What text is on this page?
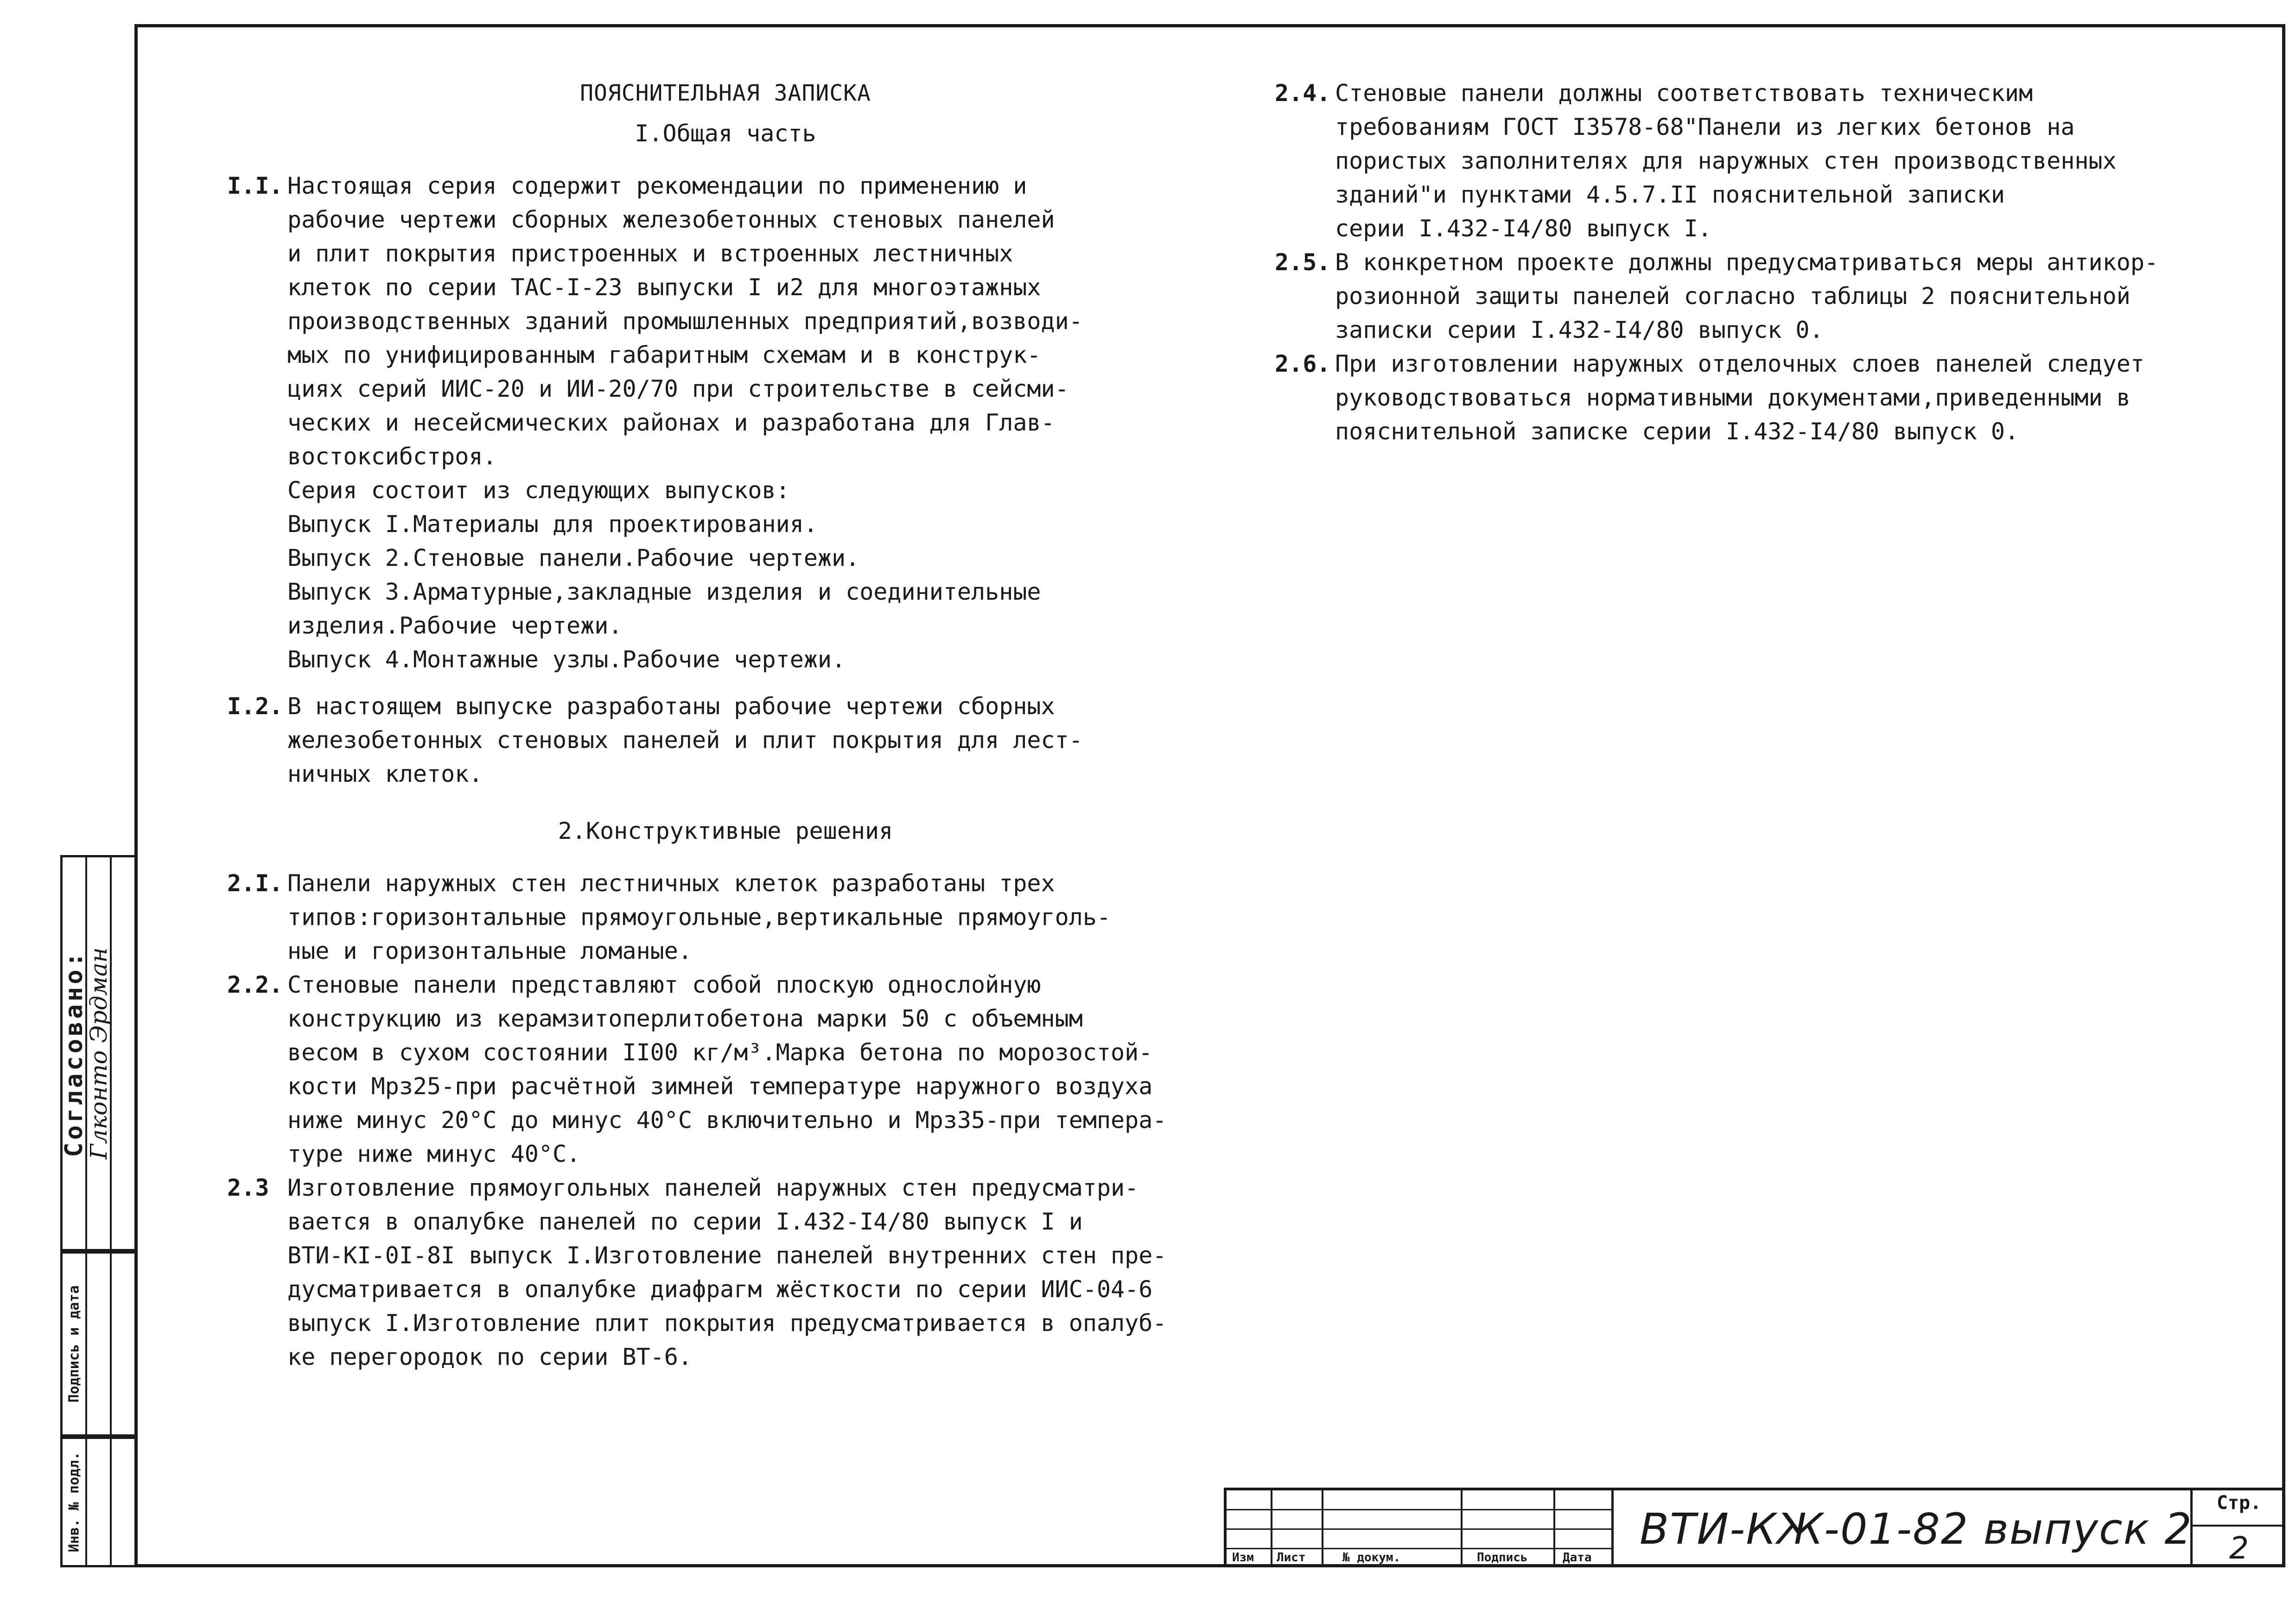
Согласовано:
Глконто Эрдман
Подпись и дата
Инв. № подл.

ПОЯСНИТЕЛЬНАЯ ЗАПИСКА

I.Общая часть

I.I. Настоящая серия содержит рекомендации по применению и
рабочие чертежи сборных железобетонных стеновых панелей
и плит покрытия пристроенных и встроенных лестничных
клеток по серии ТАС-I-23 выпуски I и2 для многоэтажных
производственных зданий промышленных предприятий,возводи-
мых по унифицированным габаритным схемам и в конструк-
циях серий ИИС-20 и ИИ-20/70 при строительстве в сейсми-
ческих и несейсмических районах и разработана для Глав-
востоксибстроя.
Серия состоит из следующих выпусков:
Выпуск I.Материалы для проектирования.
Выпуск 2.Стеновые панели.Рабочие чертежи.
Выпуск 3.Арматурные,закладные изделия и соединительные
изделия.Рабочие чертежи.
Выпуск 4.Монтажные узлы.Рабочие чертежи.
I.2. В настоящем выпуске разработаны рабочие чертежи сборных
железобетонных стеновых панелей и плит покрытия для лест-
ничных клеток.

2.Конструктивные решения

2.I. Панели наружных стен лестничных клеток разработаны трех
типов:горизонтальные прямоугольные,вертикальные прямоуголь-
ные и горизонтальные ломаные.
2.2. Стеновые панели представляют собой плоскую однослойную
конструкцию из керамзитоперлитобетона марки 50 с объемным
весом в сухом состоянии II00 кг/м³.Марка бетона по морозостой-
кости Мрз25-при расчётной зимней температуре наружного воздуха
ниже минус 20°С до минус 40°С включительно и Мрз35-при темпера-
туре ниже минус 40°С.
2.3 Изготовление прямоугольных панелей наружных стен предусматри-
вается в опалубке панелей по серии I.432-I4/80 выпуск I и
ВТИ-КI-0I-8I выпуск I.Изготовление панелей внутренних стен пре-
дусматривается в опалубке диафрагм жёсткости по серии ИИС-04-6
выпуск I.Изготовление плит покрытия предусматривается в опалуб-
ке перегородок по серии ВТ-6.
2.4. Стеновые панели должны соответствовать техническим
требованиям ГОСТ I3578-68"Панели из легких бетонов на
пористых заполнителях для наружных стен производственных
зданий"и пунктами 4.5.7.II пояснительной записки
серии I.432-I4/80 выпуск I.
2.5. В конкретном проекте должны предусматриваться меры антикор-
розионной защиты панелей согласно таблицы 2 пояснительной
записки серии I.432-I4/80 выпуск 0.
2.6. При изготовлении наружных отделочных слоев панелей следует
руководствоваться нормативными документами,приведенными в
пояснительной записке серии I.432-I4/80 выпуск 0.
Изм Лист	№ докум.	Подпись	Дата
ВТИ-КЖ-01-82 выпуск 2
Стр.
2
